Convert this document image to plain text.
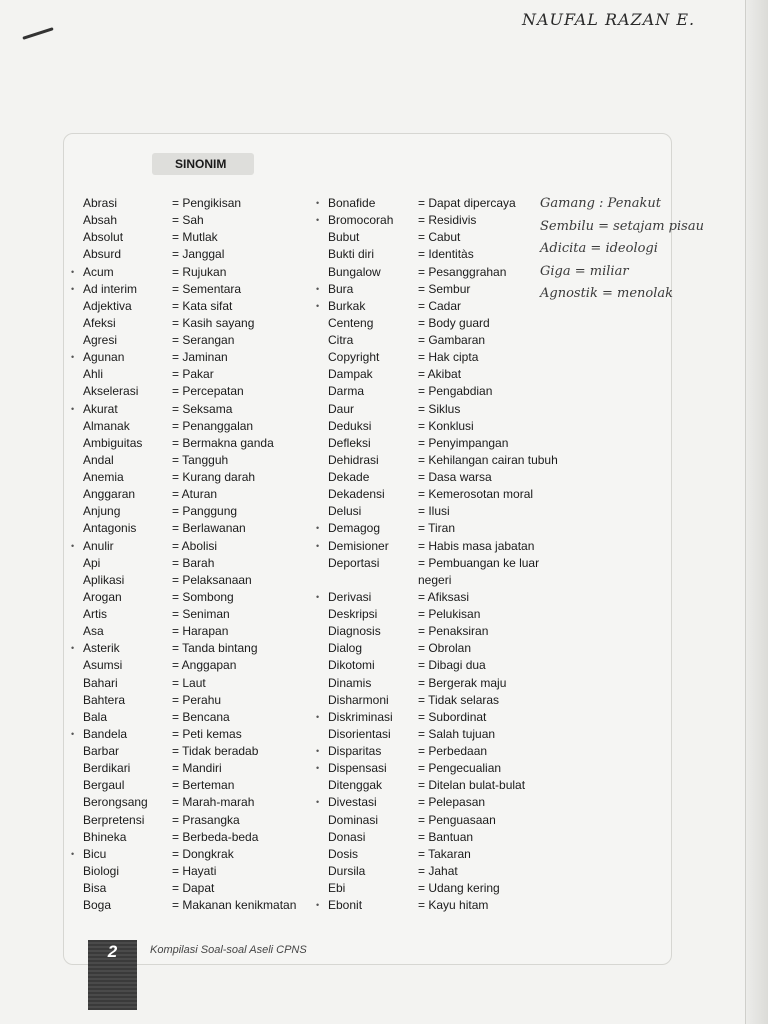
NAUFAL RAZAN E.
SINONIM
Abrasi	= Pengikisan
Absah	= Sah
Absolut	= Mutlak
Absurd	= Janggal
• Acum	= Rujukan
• Ad interim	= Sementara
Adjektiva	= Kata sifat
Afeksi	= Kasih sayang
Agresi	= Serangan
• Agunan	= Jaminan
Ahli	= Pakar
Akselerasi	= Percepatan
• Akurat	= Seksama
Almanak	= Penanggalan
Ambiguitas = Bermakna ganda
Andal	= Tangguh
Anemia	= Kurang darah
Anggaran	= Aturan
Anjung	= Panggung
Antagonis	= Berlawanan
• Anulir	= Abolisi
Api	= Barah
Aplikasi	= Pelaksanaan
Arogan	= Sombong
Artis	= Seniman
Asa	= Harapan
• Asterik	= Tanda bintang
Asumsi	= Anggapan
Bahari	= Laut
Bahtera	= Perahu
Bala	= Bencana
• Bandela	= Peti kemas
Barbar	= Tidak beradab
Berdikari	= Mandiri
Bergaul	= Berteman
Berongsang = Marah-marah
Berpretensi = Prasangka
Bhineka	= Berbeda-beda
• Bicu	= Dongkrak
Biologi	= Hayati
Bisa	= Dapat
Boga	= Makanan kenikmatan
• Bonafide	= Dapat dipercaya
• Bromocorah = Residivis
Bubut	= Cabut
Bukti diri	= Identitàs
Bungalow	= Pesanggrahan
• Bura	= Sembur
• Burkak	= Cadar
Centeng	= Body guard
Citra	= Gambaran
Copyright	= Hak cipta
Dampak	= Akibat
Darma	= Pengabdian
Daur	= Siklus
Deduksi	= Konklusi
Defleksi	= Penyimpangan
Dehidrasi	= Kehilangan cairan tubuh
Dekade	= Dasa warsa
Dekadensi	= Kemerosotan moral
Delusi	= Ilusi
• Demagog	= Tiran
• Demisioner = Habis masa jabatan
Deportasi	= Pembuangan ke luar
negeri
• Derivasi	= Afiksasi
Deskripsi	= Pelukisan
Diagnosis	= Penaksiran
Dialog	= Obrolan
Dikotomi	= Dibagi dua
Dinamis	= Bergerak maju
Disharmoni = Tidak selaras
• Diskriminasi = Subordinat
Disorientasi = Salah tujuan
• Disparitas	= Perbedaan
• Dispensasi	= Pengecualian
Ditenggak	= Ditelan bulat-bulat
• Divestasi	= Pelepasan
Dominasi	= Penguasaan
Donasi	= Bantuan
Dosis	= Takaran
Dursila	= Jahat
Ebi	= Udang kering
• Ebonit	= Kayu hitam
Gamang : Penakut
Sembilu = setajam pisau
Adicita = ideologi
Giga = miliar
Agnostik = menolak
2	Kompilasi Soal-soal Aseli CPNS
